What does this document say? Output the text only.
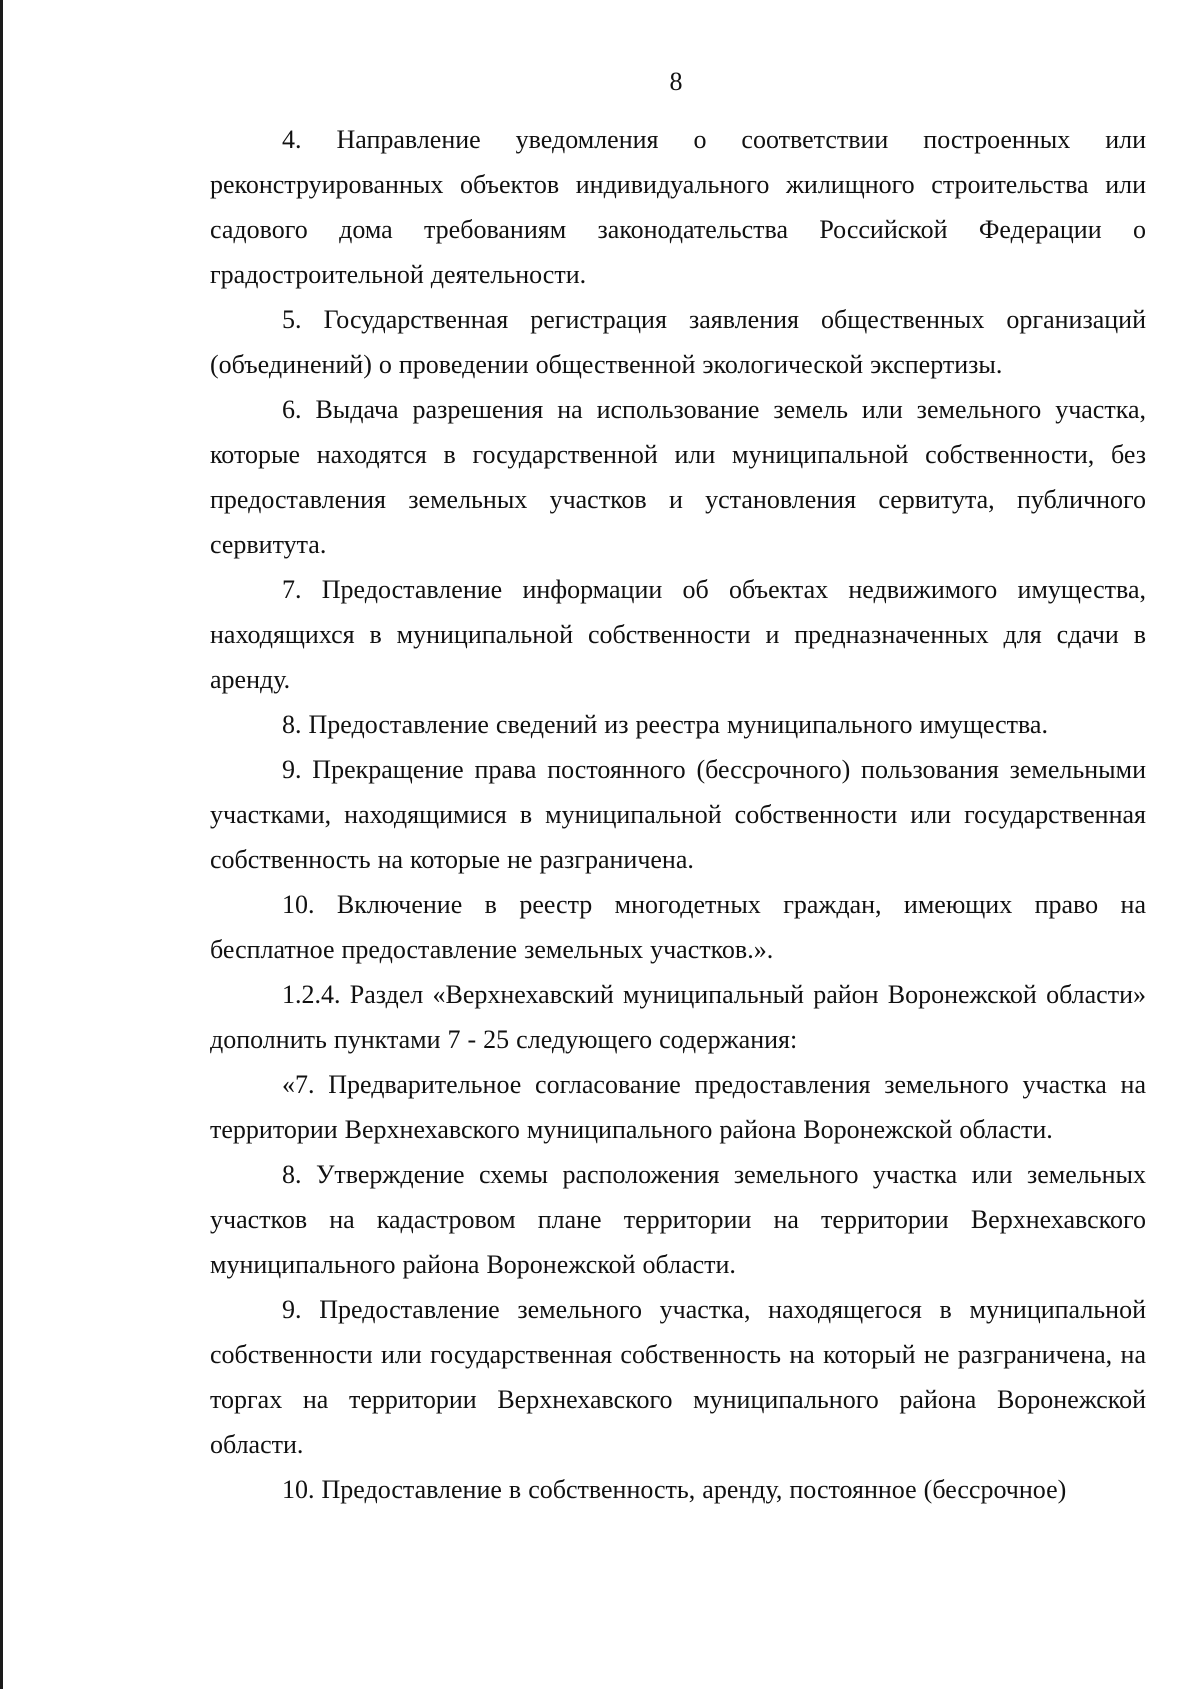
8

4. Направление уведомления о соответствии построенных или реконструированных объектов индивидуального жилищного строительства или садового дома требованиям законодательства Российской Федерации о градостроительной деятельности.

5. Государственная регистрация заявления общественных организаций (объединений) о проведении общественной экологической экспертизы.

6. Выдача разрешения на использование земель или земельного участка, которые находятся в государственной или муниципальной собственности, без предоставления земельных участков и установления сервитута, публичного сервитута.

7. Предоставление информации об объектах недвижимого имущества, находящихся в муниципальной собственности и предназначенных для сдачи в аренду.

8. Предоставление сведений из реестра муниципального имущества.

9. Прекращение права постоянного (бессрочного) пользования земельными участками, находящимися в муниципальной собственности или государственная собственность на которые не разграничена.

10. Включение в реестр многодетных граждан, имеющих право на бесплатное предоставление земельных участков.».

1.2.4. Раздел «Верхнехавский муниципальный район Воронежской области» дополнить пунктами 7 - 25 следующего содержания:

«7. Предварительное согласование предоставления земельного участка на территории Верхнехавского муниципального района Воронежской области.

8. Утверждение схемы расположения земельного участка или земельных участков на кадастровом плане территории на территории Верхнехавского муниципального района Воронежской области.

9. Предоставление земельного участка, находящегося в муниципальной собственности или государственная собственность на который не разграничена, на торгах на территории Верхнехавского муниципального района Воронежской области.

10. Предоставление в собственность, аренду, постоянное (бессрочное)
